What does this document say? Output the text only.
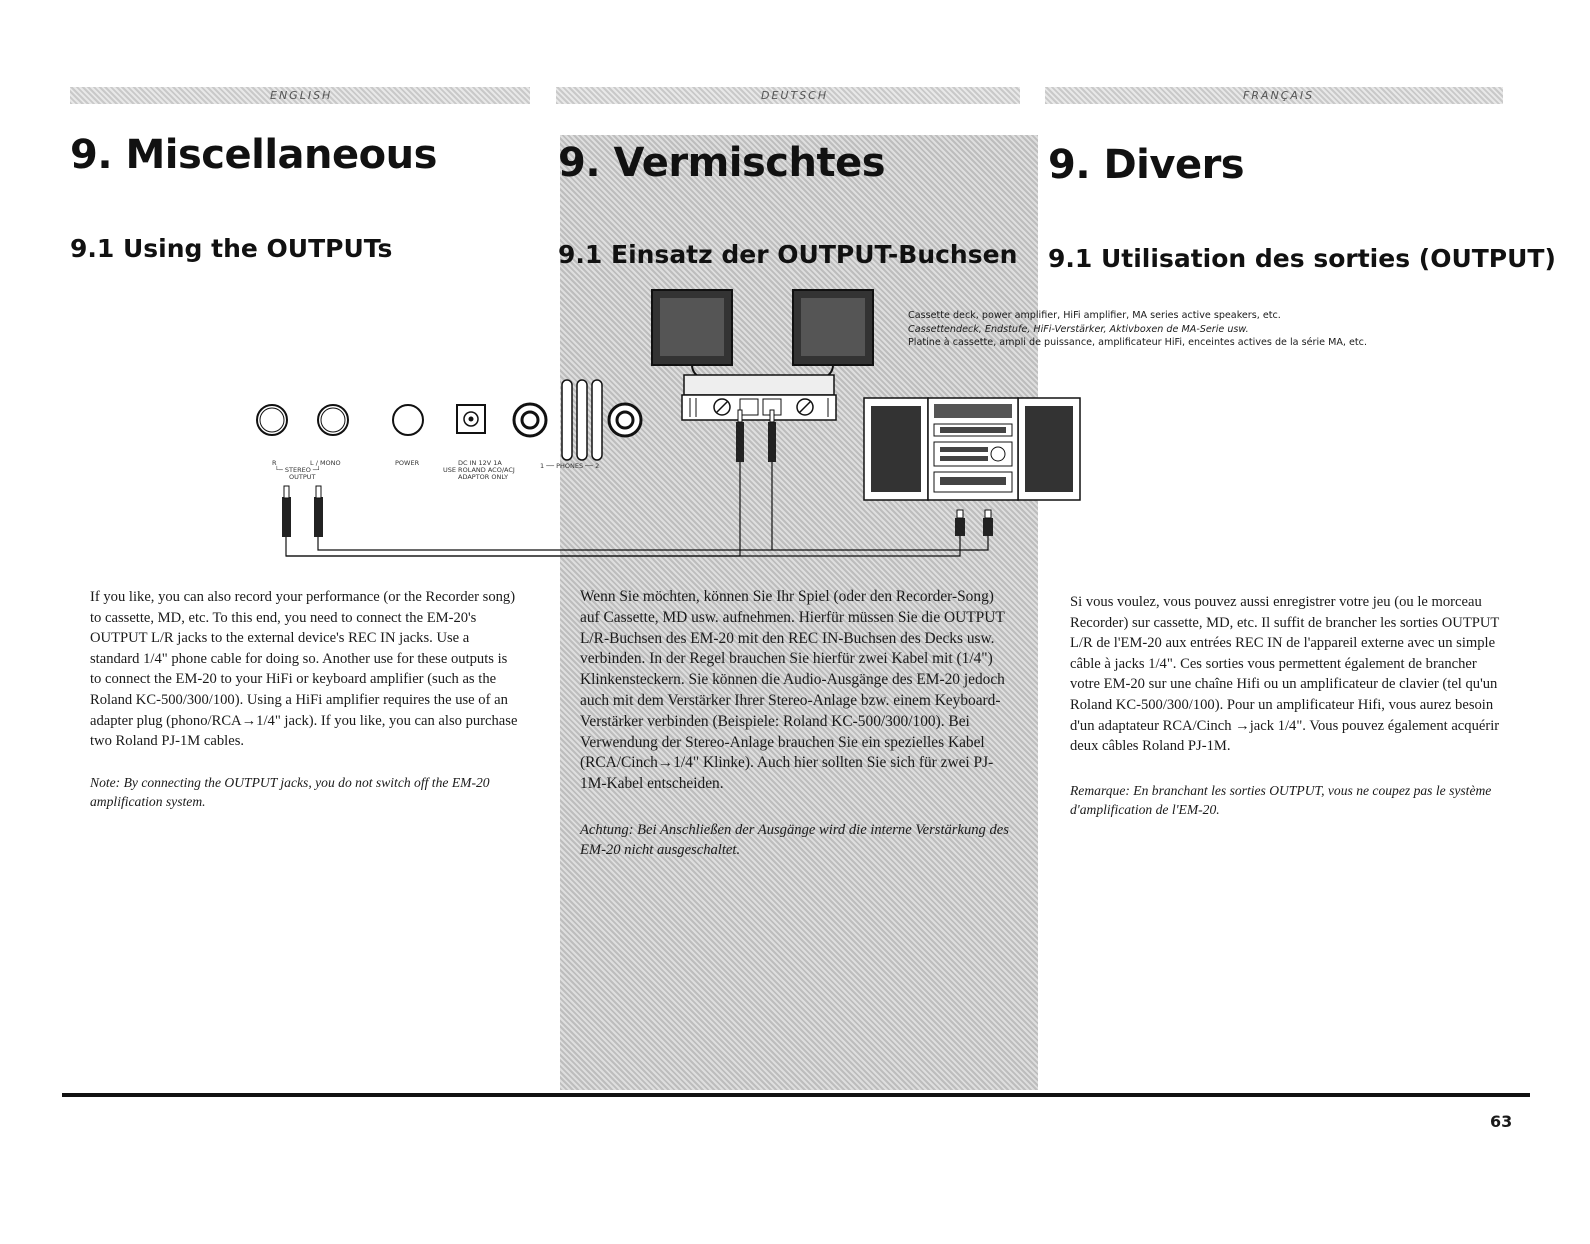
ENGLISH	DEUTSCH	FRANÇAIS
9. Miscellaneous	9. Vermischtes	9. Divers
9.1 Using the OUTPUTs	9.1 Einsatz der OUTPUT-Buchsen 9.1 Utilisation des sorties (OUTPUT)
R	L / MONO
└─ STEREO ─┘
OUTPUT
POWER	DC IN 12V 1A
USE ROLAND ACO/ACJ
ADAPTOR ONLY
1 ── PHONES ── 2
Cassette deck, power amplifier, HiFi amplifier, MA series active speakers, etc.
Cassettendeck, Endstufe, HiFi-Verstärker, Aktivboxen de MA-Serie usw.
Platine à cassette, ampli de puissance, amplificateur HiFi, enceintes actives de la série MA, etc.

If you like, you can also record your performance (or the Recorder song) to cassette, MD, etc. To this end, you need to connect the EM-20's OUTPUT L/R jacks to the external device's REC IN jacks. Use a standard 1/4" phone cable for doing so. Another use for these outputs is to connect the EM-20 to your HiFi or keyboard amplifier (such as the Roland KC-500/300/100). Using a HiFi amplifier requires the use of an adapter plug (phono/RCA→1/4" jack). If you like, you can also purchase two Roland PJ-1M cables.

Note: By connecting the OUTPUT jacks, you do not switch off the EM-20 amplification system.

Wenn Sie möchten, können Sie Ihr Spiel (oder den Recorder-Song) auf Cassette, MD usw. aufnehmen. Hierfür müssen Sie die OUTPUT L/R-Buchsen des EM-20 mit den REC IN-Buchsen des Decks usw. verbinden. In der Regel brauchen Sie hierfür zwei Kabel mit (1/4") Klinkensteckern. Sie können die Audio-Ausgänge des EM-20 jedoch auch mit dem Verstärker Ihrer Stereo-Anlage bzw. einem Keyboard-Verstärker verbinden (Beispiele: Roland KC-500/300/100). Bei Verwendung der Stereo-Anlage brauchen Sie ein spezielles Kabel (RCA/Cinch→1/4" Klinke). Auch hier sollten Sie sich für zwei PJ-1M-Kabel entscheiden.

Achtung: Bei Anschließen der Ausgänge wird die interne Verstärkung des EM-20 nicht ausgeschaltet.

Si vous voulez, vous pouvez aussi enregistrer votre jeu (ou le morceau Recorder) sur cassette, MD, etc. Il suffit de brancher les sorties OUTPUT L/R de l'EM-20 aux entrées REC IN de l'appareil externe avec un simple câble à jacks 1/4". Ces sorties vous permettent également de brancher votre EM-20 sur une chaîne Hifi ou un amplificateur de clavier (tel qu'un Roland KC-500/300/100). Pour un amplificateur Hifi, vous aurez besoin d'un adaptateur RCA/Cinch →jack 1/4". Vous pouvez également acquérir deux câbles Roland PJ-1M.

Remarque: En branchant les sorties OUTPUT, vous ne coupez pas le système d'amplification de l'EM-20.

63
